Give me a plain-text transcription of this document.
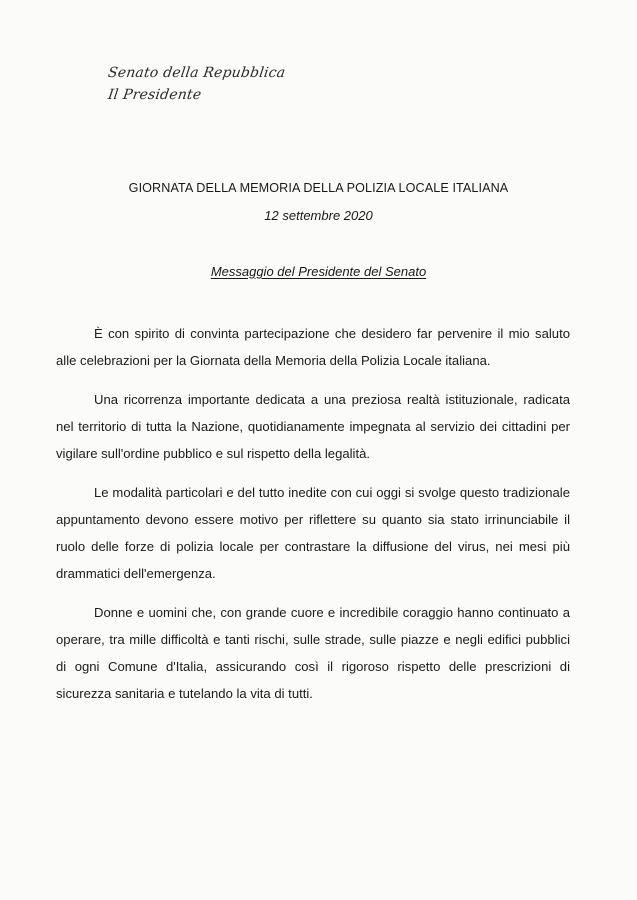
Senato della Repubblica
Il Presidente
GIORNATA DELLA MEMORIA DELLA POLIZIA LOCALE ITALIANA
12 settembre 2020
Messaggio del Presidente del Senato

È con spirito di convinta partecipazione che desidero far pervenire il mio saluto alle celebrazioni per la Giornata della Memoria della Polizia Locale italiana.

Una ricorrenza importante dedicata a una preziosa realtà istituzionale, radicata nel territorio di tutta la Nazione, quotidianamente impegnata al servizio dei cittadini per vigilare sull'ordine pubblico e sul rispetto della legalità.

Le modalità particolari e del tutto inedite con cui oggi si svolge questo tradizionale appuntamento devono essere motivo per riflettere su quanto sia stato irrinunciabile il ruolo delle forze di polizia locale per contrastare la diffusione del virus, nei mesi più drammatici dell'emergenza.

Donne e uomini che, con grande cuore e incredibile coraggio hanno continuato a operare, tra mille difficoltà e tanti rischi, sulle strade, sulle piazze e negli edifici pubblici di ogni Comune d'Italia, assicurando così il rigoroso rispetto delle prescrizioni di sicurezza sanitaria e tutelando la vita di tutti.
